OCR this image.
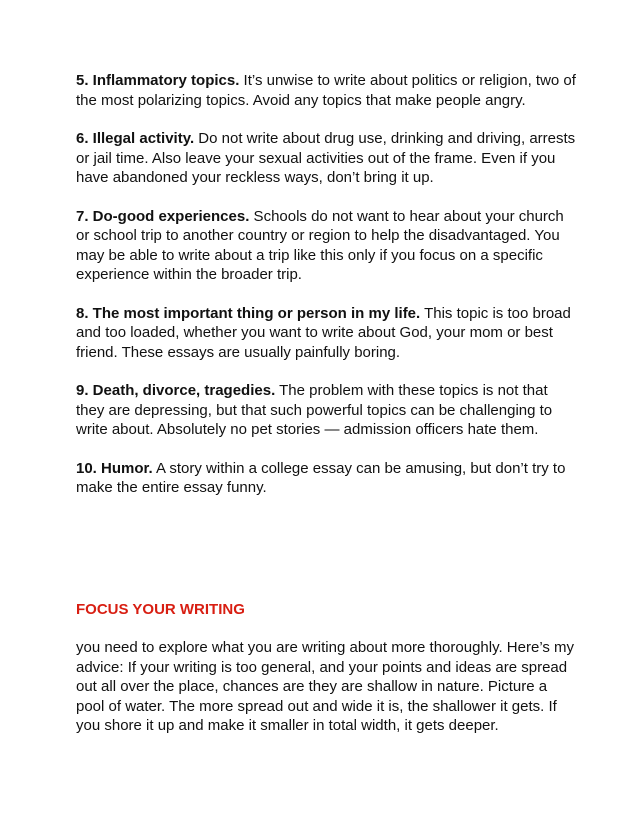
5. Inflammatory topics. It’s unwise to write about politics or religion, two of the most polarizing topics. Avoid any topics that make people angry.

6. Illegal activity. Do not write about drug use, drinking and driving, arrests or jail time. Also leave your sexual activities out of the frame. Even if you have abandoned your reckless ways, don’t bring it up.

7. Do-good experiences. Schools do not want to hear about your church or school trip to another country or region to help the disadvantaged. You may be able to write about a trip like this only if you focus on a specific experience within the broader trip.

8. The most important thing or person in my life. This topic is too broad and too loaded, whether you want to write about God, your mom or best friend. These essays are usually painfully boring.

9. Death, divorce, tragedies. The problem with these topics is not that they are depressing, but that such powerful topics can be challenging to write about. Absolutely no pet stories — admission officers hate them.

10. Humor. A story within a college essay can be amusing, but don’t try to make the entire essay funny.

FOCUS YOUR WRITING

you need to explore what you are writing about more thoroughly. Here’s my advice: If your writing is too general, and your points and ideas are spread out all over the place, chances are they are shallow in nature. Picture a pool of water. The more spread out and wide it is, the shallower it gets. If you shore it up and make it smaller in total width, it gets deeper.
